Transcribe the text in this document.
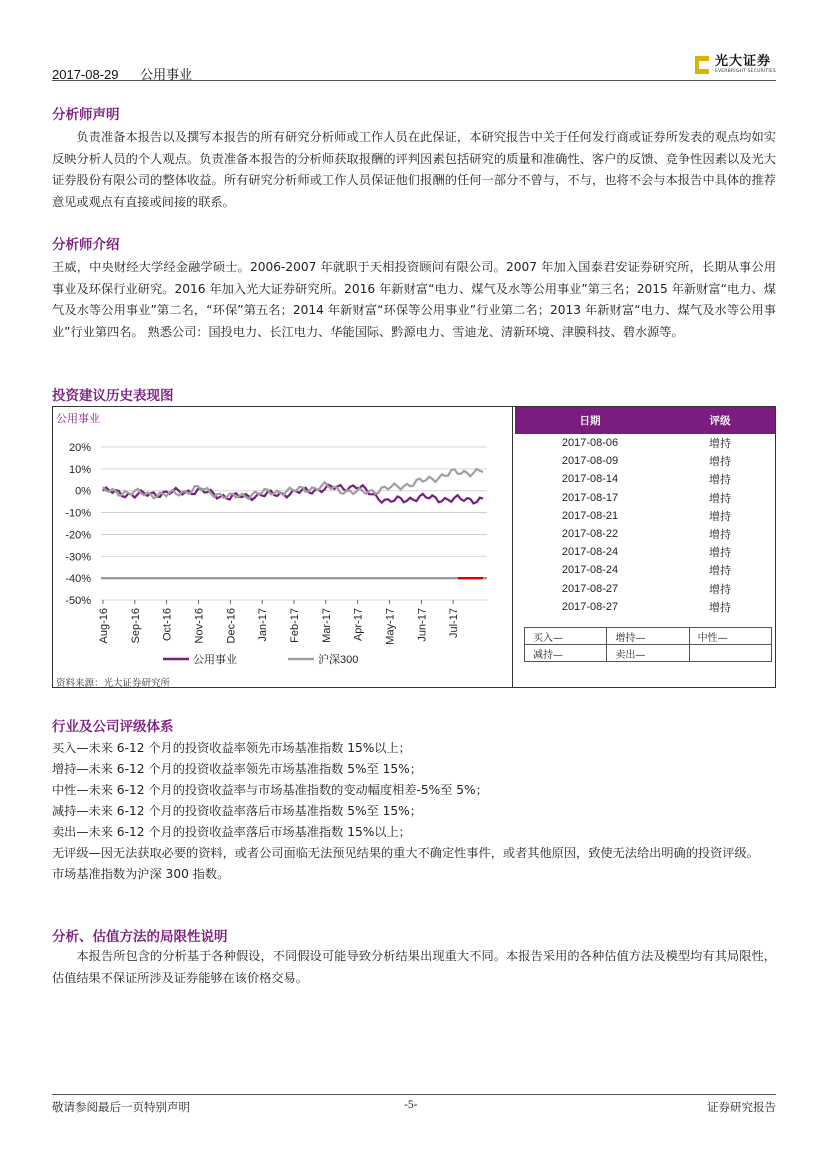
2017-08-29 公用事业
光大证券
EVERBRIGHT SECURITIES
分析师声明
负责准备本报告以及撰写本报告的所有研究分析师或工作人员在此保证，本研究报告中关于任何发行商或证券所发表的观点均如实反映分析人员的个人观点。负责准备本报告的分析师获取报酬的评判因素包括研究的质量和准确性、客户的反馈、竞争性因素以及光大证券股份有限公司的整体收益。所有研究分析师或工作人员保证他们报酬的任何一部分不曾与，不与，也将不会与本报告中具体的推荐意见或观点有直接或间接的联系。
分析师介绍
王威，中央财经大学经金融学硕士。2006-2007 年就职于天相投资顾问有限公司。2007 年加入国泰君安证券研究所，长期从事公用事业及环保行业研究。2016 年加入光大证券研究所。2016 年新财富“电力、煤气及水等公用事业”第三名；2015 年新财富“电力、煤气及水等公用事业”第二名，“环保”第五名；2014 年新财富“环保等公用事业”行业第二名；2013 年新财富“电力、煤气及水等公用事业”行业第四名。 熟悉公司：国投电力、长江电力、华能国际、黔源电力、雪迪龙、清新环境、津膜科技、碧水源等。
投资建议历史表现图
公用事业
20%
10%
0%
-10%
-20%
-30%
-40%
-50%
Aug-16 Sep-16 Oct-16 Nov-16 Dec-16 Jan-17 Feb-17 Mar-17 Apr-17 May-17 Jun-17 Jul-17
公用事业	沪深300
资料来源：光大证券研究所
日期	评级
2017-08-06	增持
2017-08-09	增持
2017-08-14	增持
2017-08-17	增持
2017-08-21	增持
2017-08-22	增持
2017-08-24	增持
2017-08-24	增持
2017-08-27	增持
2017-08-27	增持
买入—	增持—	中性—
减持—	卖出—	
行业及公司评级体系
买入—未来 6-12 个月的投资收益率领先市场基准指数 15%以上；
增持—未来 6-12 个月的投资收益率领先市场基准指数 5%至 15%；
中性—未来 6-12 个月的投资收益率与市场基准指数的变动幅度相差-5%至 5%；
减持—未来 6-12 个月的投资收益率落后市场基准指数 5%至 15%；
卖出—未来 6-12 个月的投资收益率落后市场基准指数 15%以上；
无评级—因无法获取必要的资料，或者公司面临无法预见结果的重大不确定性事件，或者其他原因，致使无法给出明确的投资评级。
市场基准指数为沪深 300 指数。
分析、估值方法的局限性说明
本报告所包含的分析基于各种假设，不同假设可能导致分析结果出现重大不同。本报告采用的各种估值方法及模型均有其局限性，估值结果不保证所涉及证券能够在该价格交易。
敬请参阅最后一页特别声明	-5-	证券研究报告
